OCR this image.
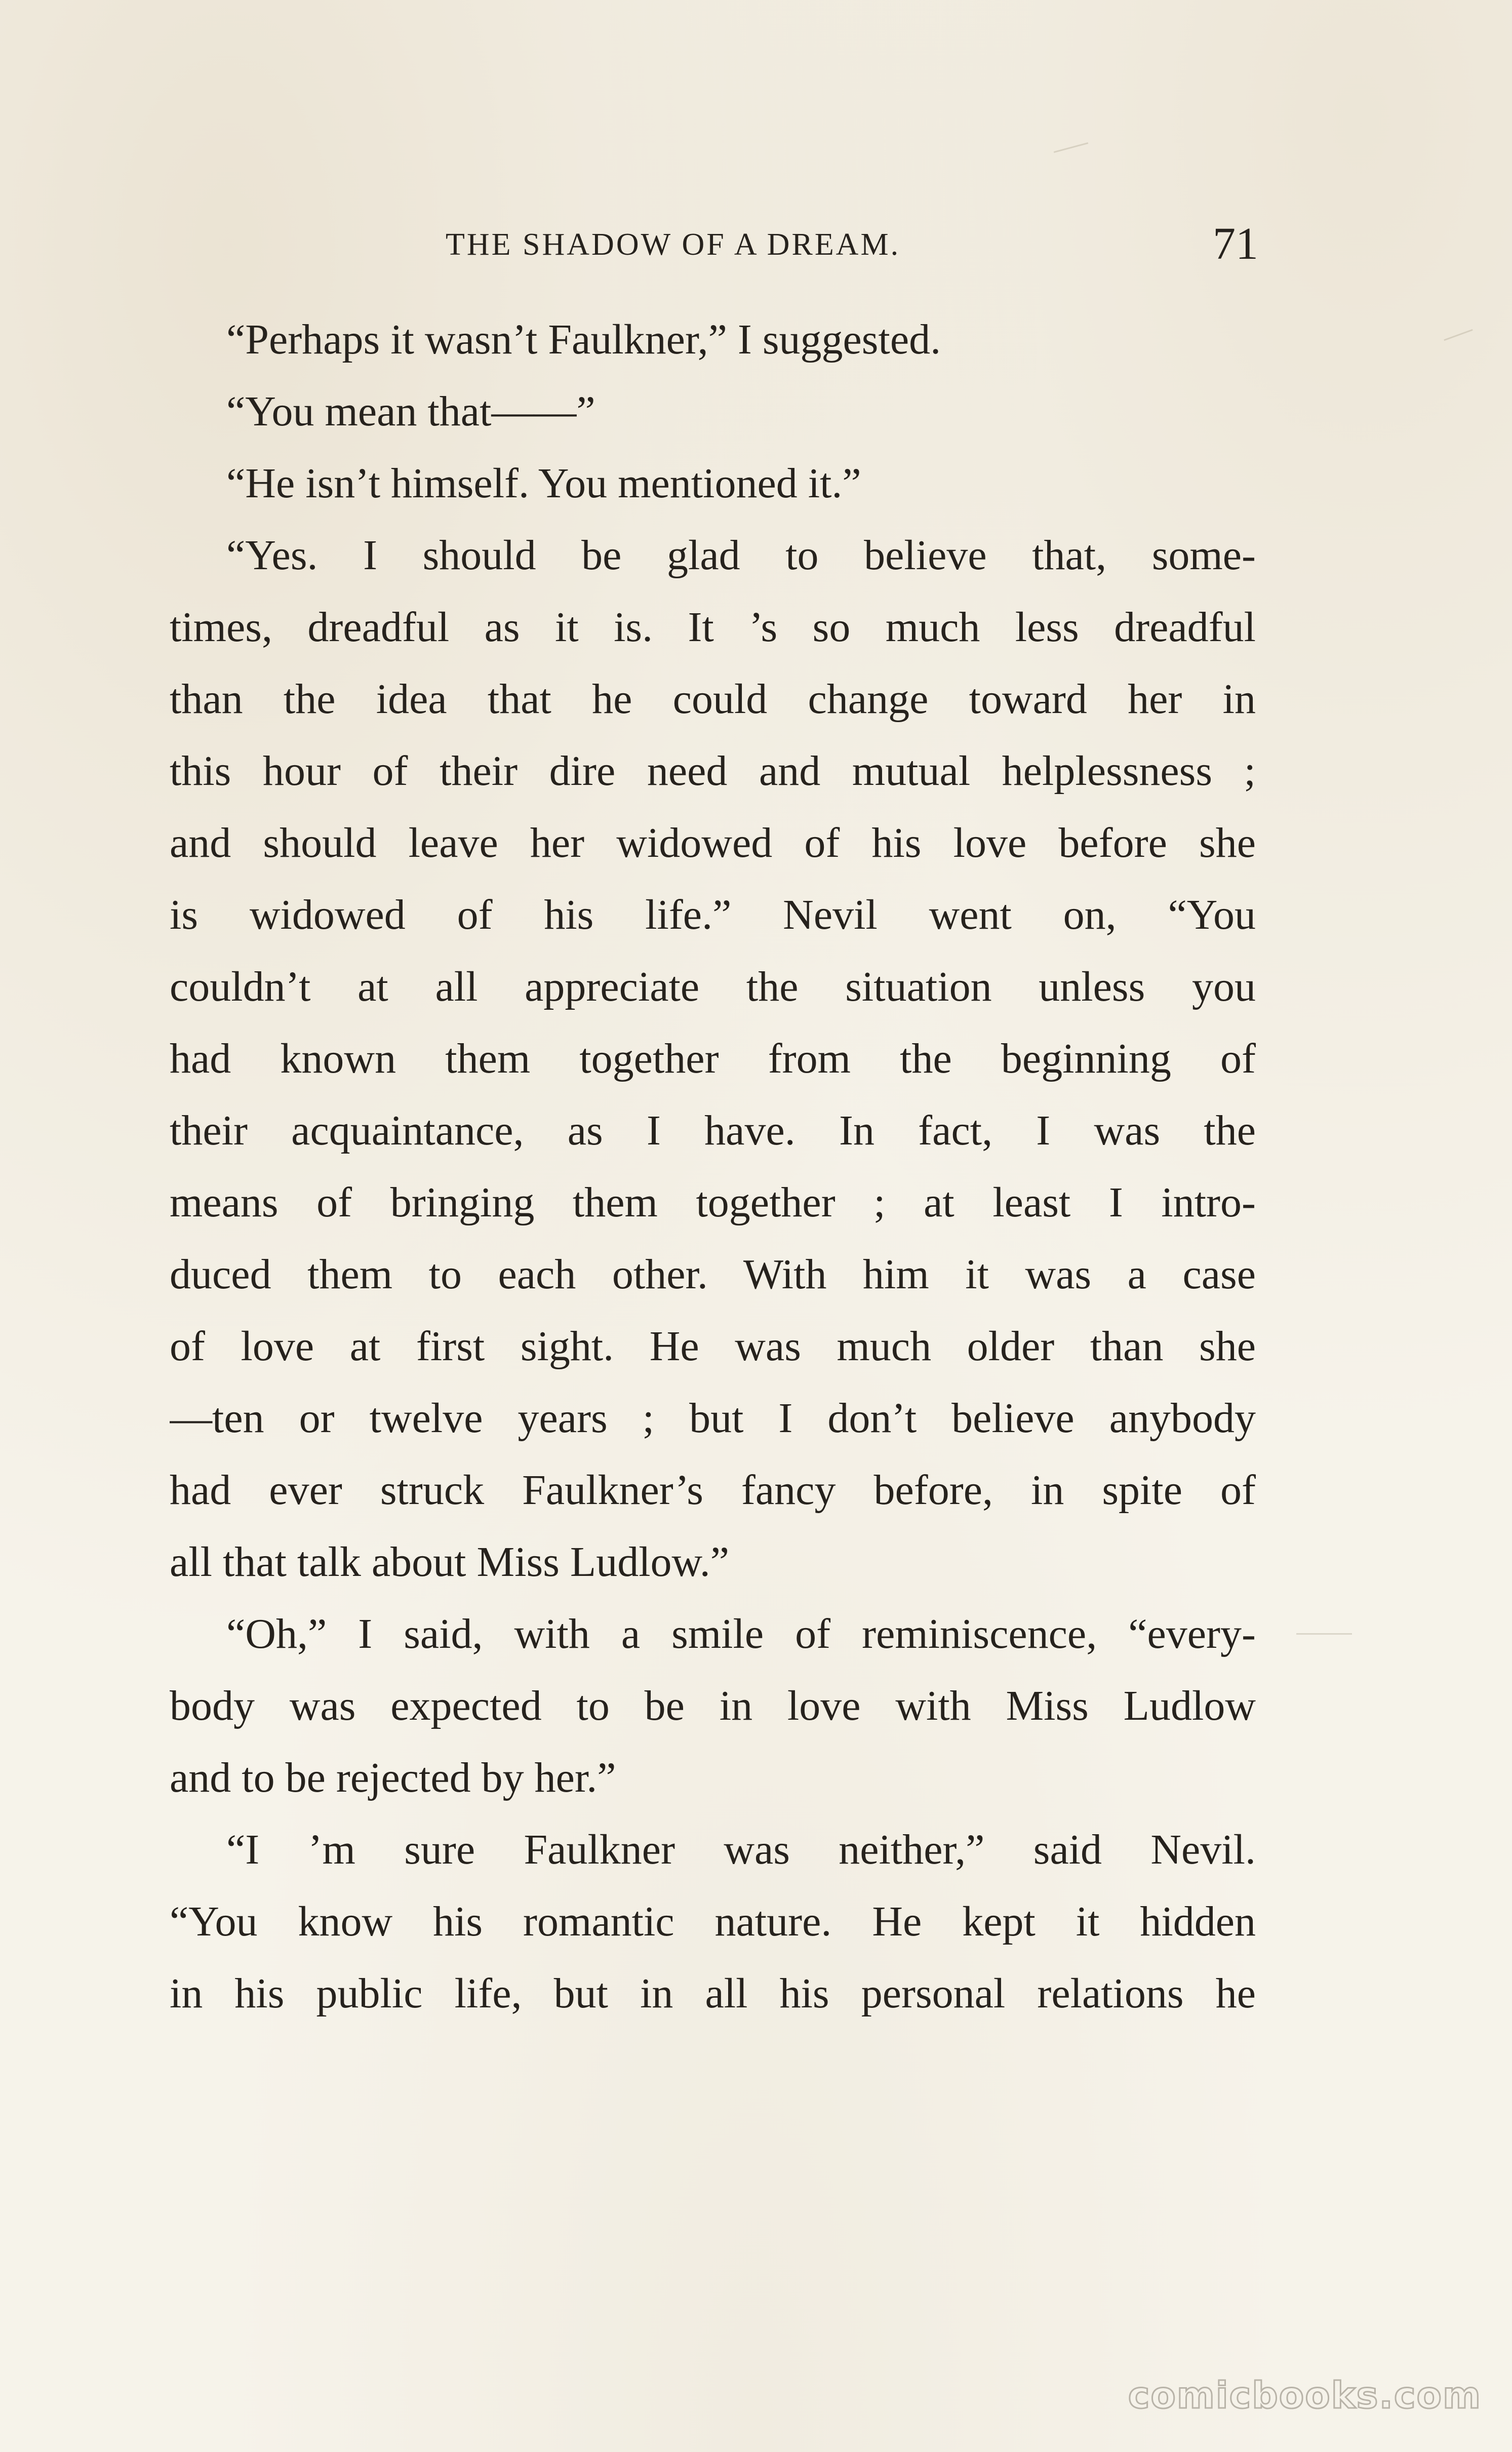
THE SHADOW OF A DREAM.	71
“Perhaps it wasn’t Faulkner,” I suggested.
“You mean that——”
“He isn’t himself. You mentioned it.”
“Yes. I should be glad to believe that, some-
times, dreadful as it is. It ’s so much less dreadful
than the idea that he could change toward her in
this hour of their dire need and mutual helplessness ;
and should leave her widowed of his love before she
is widowed of his life.” Nevil went on, “You
couldn’t at all appreciate the situation unless you
had known them together from the beginning of
their acquaintance, as I have. In fact, I was the
means of bringing them together ; at least I intro-
duced them to each other. With him it was a case
of love at first sight. He was much older than she
—ten or twelve years ; but I don’t believe anybody
had ever struck Faulkner’s fancy before, in spite of
all that talk about Miss Ludlow.”
“Oh,” I said, with a smile of reminiscence, “every-
body was expected to be in love with Miss Ludlow
and to be rejected by her.”
“I ’m sure Faulkner was neither,” said Nevil.
“You know his romantic nature. He kept it hidden
in his public life, but in all his personal relations he
comicbooks.com
